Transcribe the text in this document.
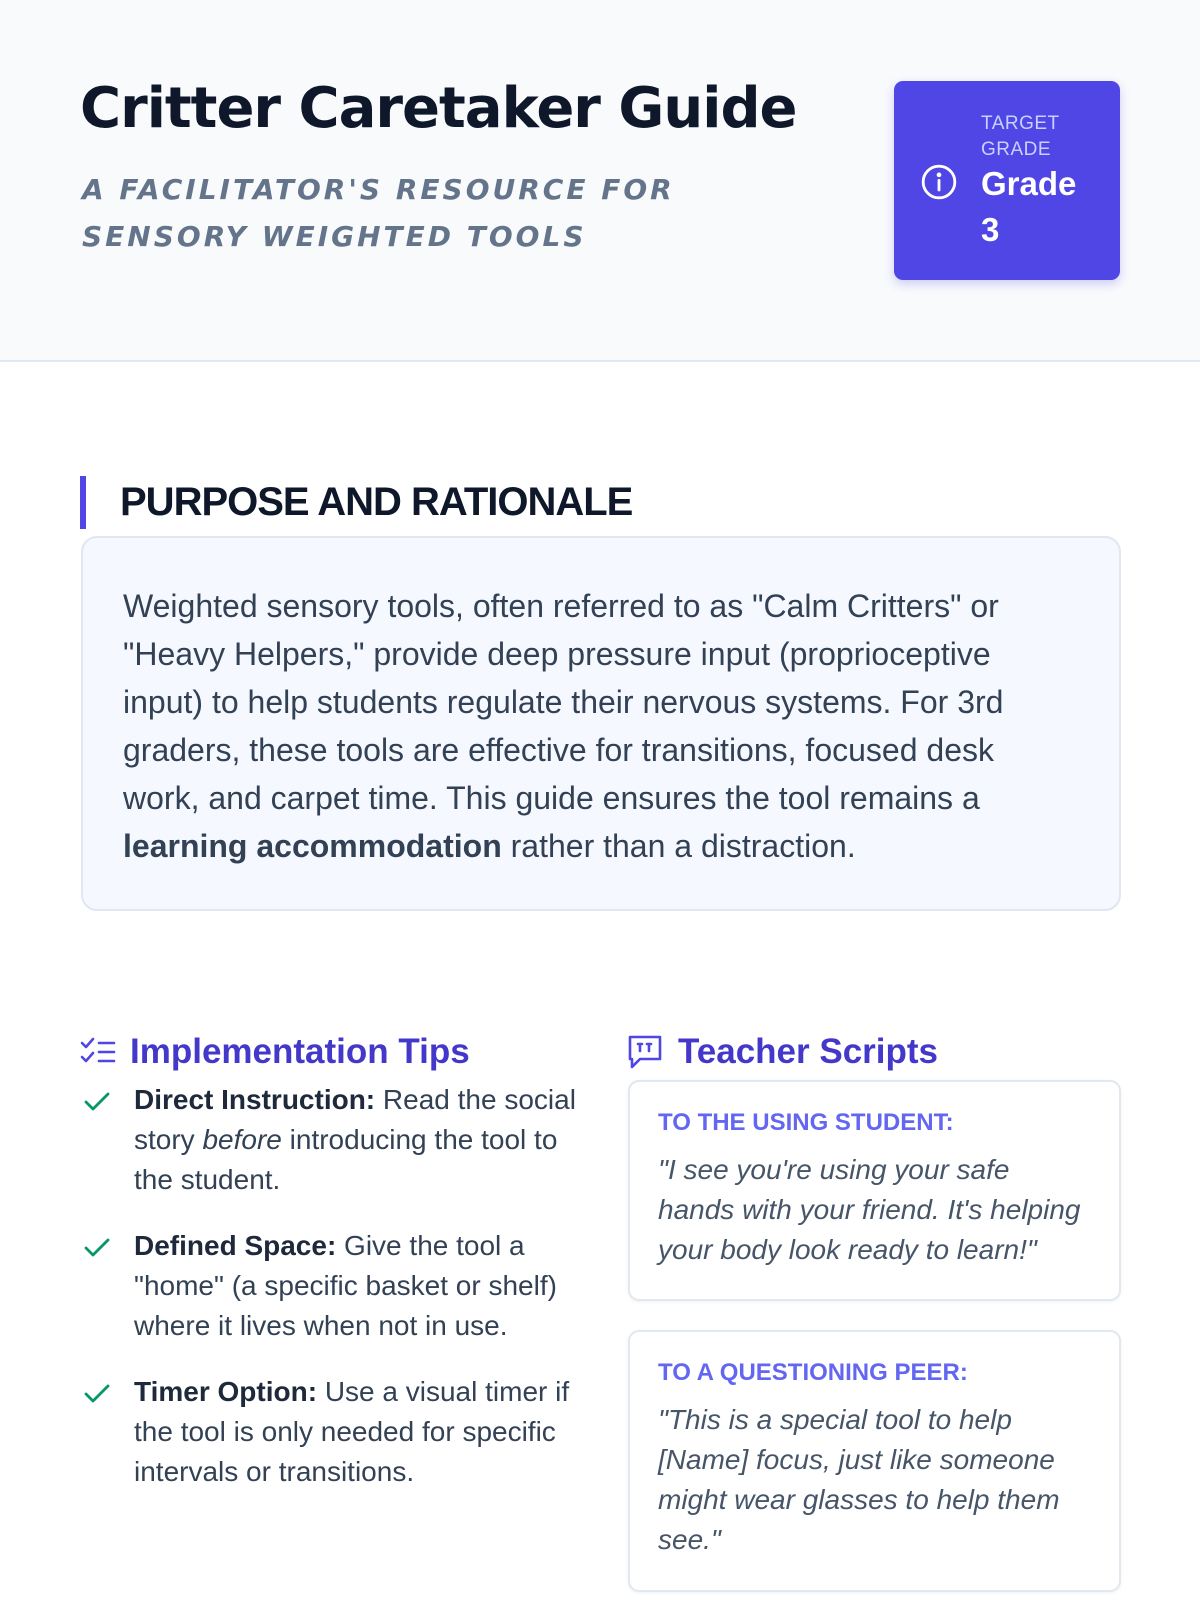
Critter Caretaker Guide

A FACILITATOR'S RESOURCE FOR SENSORY WEIGHTED TOOLS

TARGET GRADE
Grade 3
PURPOSE AND RATIONALE
Weighted sensory tools, often referred to as "Calm Critters" or "Heavy Helpers," provide deep pressure input (proprioceptive input) to help students regulate their nervous systems. For 3rd graders, these tools are effective for transitions, focused desk work, and carpet time. This guide ensures the tool remains a learning accommodation rather than a distraction.
Implementation Tips
Direct Instruction: Read the social story before introducing the tool to the student.
Defined Space: Give the tool a "home" (a specific basket or shelf) where it lives when not in use.
Timer Option: Use a visual timer if the tool is only needed for specific intervals or transitions.
Teacher Scripts
TO THE USING STUDENT:
"I see you're using your safe hands with your friend. It's helping your body look ready to learn!"
TO A QUESTIONING PEER:
"This is a special tool to help [Name] focus, just like someone might wear glasses to help them see."
